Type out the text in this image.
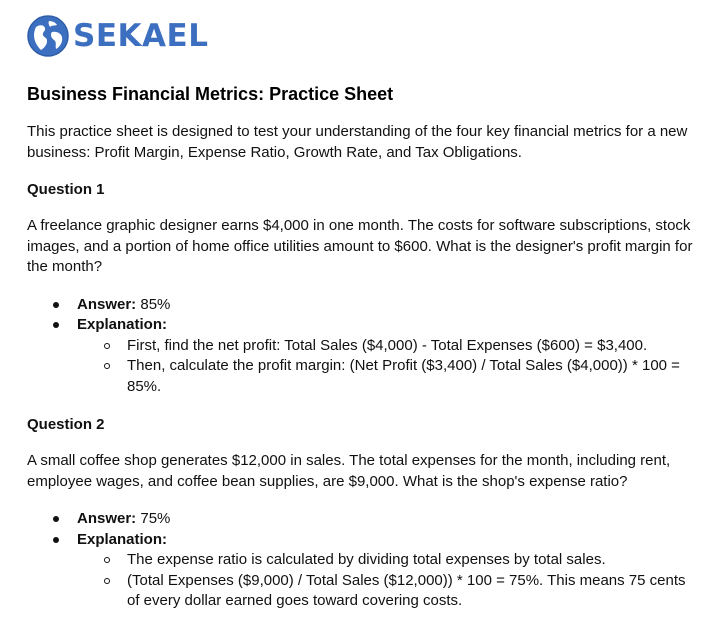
SEKAEL
Business Financial Metrics: Practice Sheet

This practice sheet is designed to test your understanding of the four key financial metrics for a new business: Profit Margin, Expense Ratio, Growth Rate, and Tax Obligations.

Question 1

A freelance graphic designer earns $4,000 in one month. The costs for software subscriptions, stock images, and a portion of home office utilities amount to $600. What is the designer's profit margin for the month?

Answer: 85%
Explanation:
First, find the net profit: Total Sales ($4,000) - Total Expenses ($600) = $3,400.
Then, calculate the profit margin: (Net Profit ($3,400) / Total Sales ($4,000)) * 100 = 85%.
Question 2

A small coffee shop generates $12,000 in sales. The total expenses for the month, including rent, employee wages, and coffee bean supplies, are $9,000. What is the shop's expense ratio?

Answer: 75%
Explanation:
The expense ratio is calculated by dividing total expenses by total sales.
(Total Expenses ($9,000) / Total Sales ($12,000)) * 100 = 75%. This means 75 cents of every dollar earned goes toward covering costs.
